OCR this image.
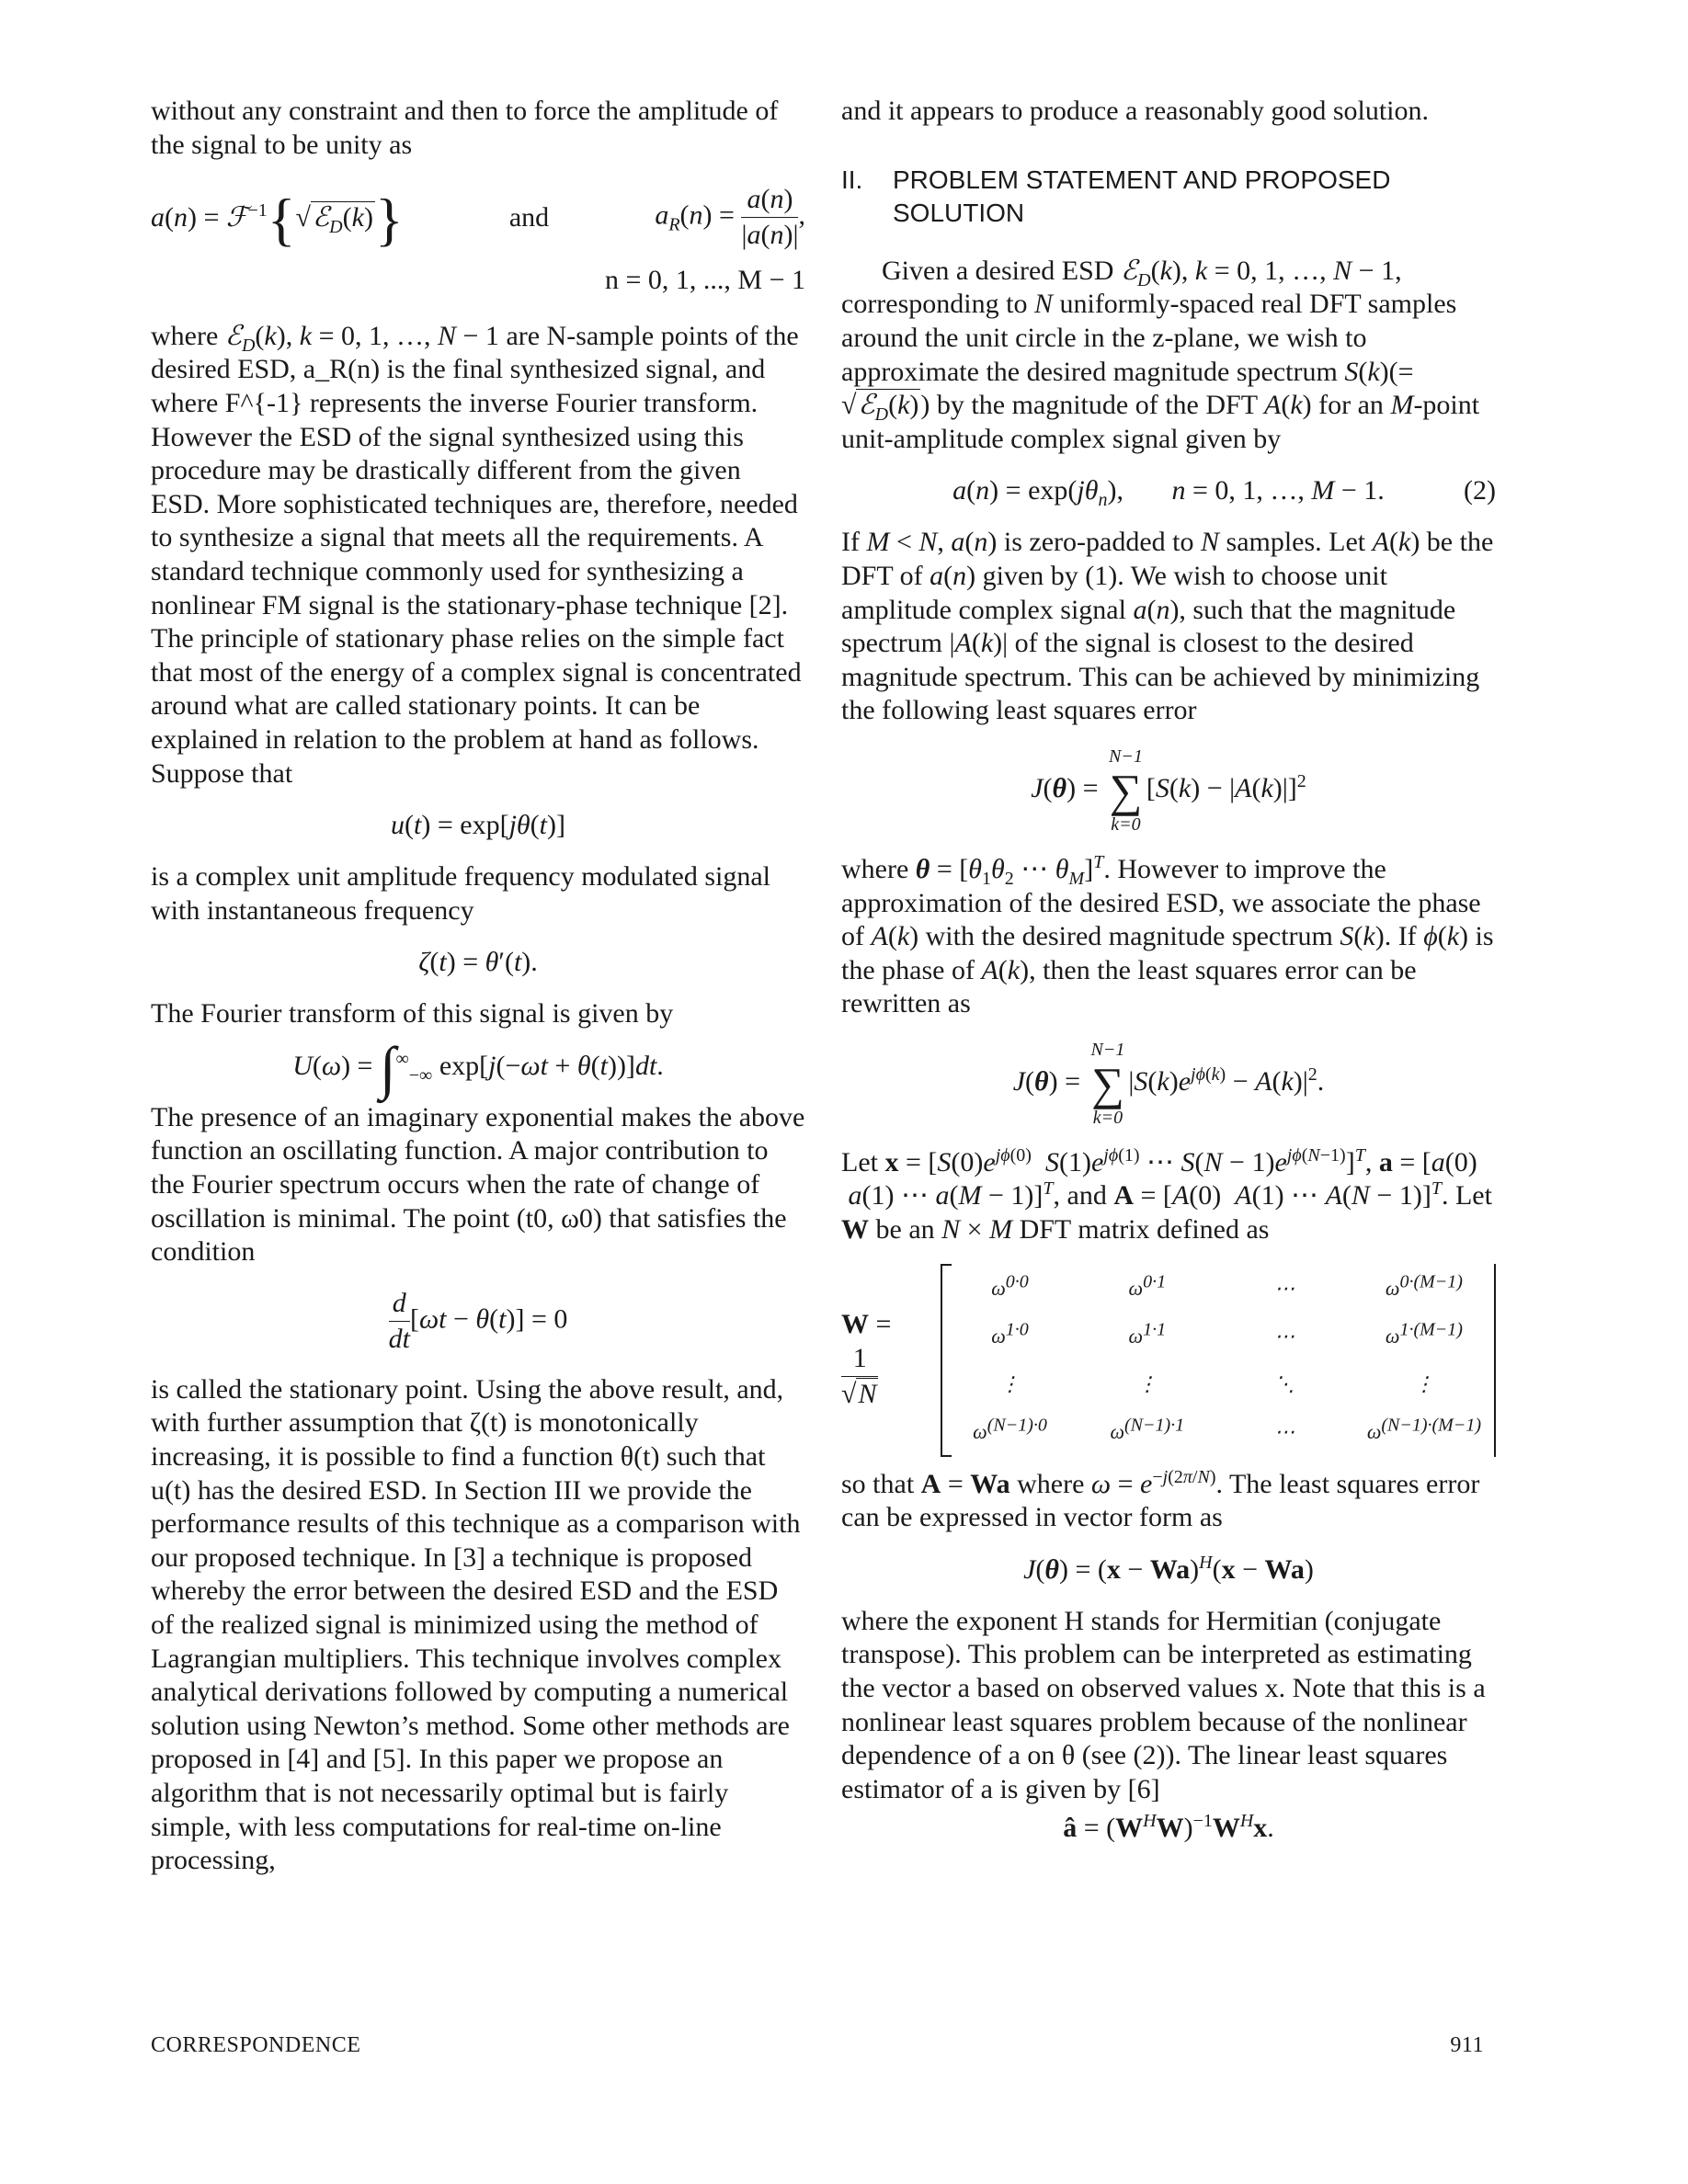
without any constraint and then to force the amplitude of the signal to be unity as

a(n) = ℱ$^{-1}${√ℰ$_D$(k)}	and	$a_R(n) = \frac{a(n)}{|a(n)|}$ ,
n = 0, 1, ..., M − 1

where ℰ$_D$(k), k = 0, 1, …, N − 1 are N-sample points of the desired ESD, a_R(n) is the final synthesized signal, and where F^{-1} represents the inverse Fourier transform. However the ESD of the signal synthesized using this procedure may be drastically different from the given ESD. More sophisticated techniques are, therefore, needed to synthesize a signal that meets all the requirements. A standard technique commonly used for synthesizing a nonlinear FM signal is the stationary-phase technique [2]. The principle of stationary phase relies on the simple fact that most of the energy of a complex signal is concentrated around what are called stationary points. It can be explained in relation to the problem at hand as follows. Suppose that

u(t) = exp[jθ(t)]

is a complex unit amplitude frequency modulated signal with instantaneous frequency

ζ(t) = θ′(t).

The Fourier transform of this signal is given by

$U(\omega) = \int^\infty_{-\infty}$ exp[j(−ωt + θ(t))]dt.

The presence of an imaginary exponential makes the above function an oscillating function. A major contribution to the Fourier spectrum occurs when the rate of change of oscillation is minimal. The point (t0, ω0) that satisfies the condition

$\frac{d}{dt} [\omega t - \theta(t)] = 0$

is called the stationary point. Using the above result, and, with further assumption that ζ(t) is monotonically increasing, it is possible to find a function θ(t) such that u(t) has the desired ESD. In Section III we provide the performance results of this technique as a comparison with our proposed technique. In [3] a technique is proposed whereby the error between the desired ESD and the ESD of the realized signal is minimized using the method of Lagrangian multipliers. This technique involves complex analytical derivations followed by computing a numerical solution using Newton’s method. Some other methods are proposed in [4] and [5]. In this paper we propose an algorithm that is not necessarily optimal but is fairly simple, with less computations for real-time on-line processing,

and it appears to produce a reasonably good solution.

II.	PROBLEM STATEMENT AND PROPOSED SOLUTION

Given a desired ESD ℰ$_D$(k), k = 0, 1, …, N − 1, corresponding to N uniformly-spaced real DFT samples around the unit circle in the z-plane, we wish to approximate the desired magnitude spectrum S(k)(= √ℰ$_D$(k)) by the magnitude of the DFT A(k) for an M-point unit-amplitude complex signal given by

$a(n) = \exp(j\theta_n)$,       n = 0, 1, …, M − 1.	(2)

If M < N, a(n) is zero-padded to N samples. Let A(k) be the DFT of a(n) given by (1). We wish to choose unit amplitude complex signal a(n), such that the magnitude spectrum |A(k)| of the signal is closest to the desired magnitude spectrum. This can be achieved by minimizing the following least squares error

J(θ) =
N−1
∑
k=0
$[S(k) - |A(k)|]^2$

where $\theta = [\theta_1\theta_2$ ⋯ $\theta_M]^T$. However to improve the approximation of the desired ESD, we associate the phase of A(k) with the desired magnitude spectrum S(k). If ϕ(k) is the phase of A(k), then the least squares error can be rewritten as

J(θ) =
N−1
∑
k=0
$|S(k)e^{j\phi(k)} - A(k)|^2$.

Let $x = [S(0)e^{j\phi(0)}$ $S(1)e^{j\phi(1)}$ ⋯ $S(N - 1)e^{j\phi(N-1)}]^T$, a = [a(0)  a(1) ⋯ a(M − 1)]$^T$, and A = [A(0)  A(1) ⋯ A(N − 1)]$^T$. Let W be an N × M DFT matrix defined as

W =
$\frac{1}{√N}$
$\omega^{0\cdot 0}$	$\omega^{0\cdot 1}$	⋯	$\omega^{0\cdot(M-1)}$
$\omega^{1\cdot 0}$	$\omega^{1\cdot 1}$	⋯	$\omega^{1\cdot(M-1)}$
⋮	⋮	⋱	⋮
$\omega^{(N-1)\cdot 0}$	$\omega^{(N-1)\cdot 1}$	⋯	$\omega^{(N-1)\cdot(M-1)}$

so that A = Wa where $\omega = e^{-j(2\pi/N)}$. The least squares error can be expressed in vector form as

$J(\theta) = (x - Wa)^H(x - Wa)$

where the exponent H stands for Hermitian (conjugate transpose). This problem can be interpreted as estimating the vector a based on observed values x. Note that this is a nonlinear least squares problem because of the nonlinear dependence of a on θ (see (2)). The linear least squares estimator of a is given by [6]

â = $(W^HW)^{-1}W^Hx$.
CORRESPONDENCE	911
